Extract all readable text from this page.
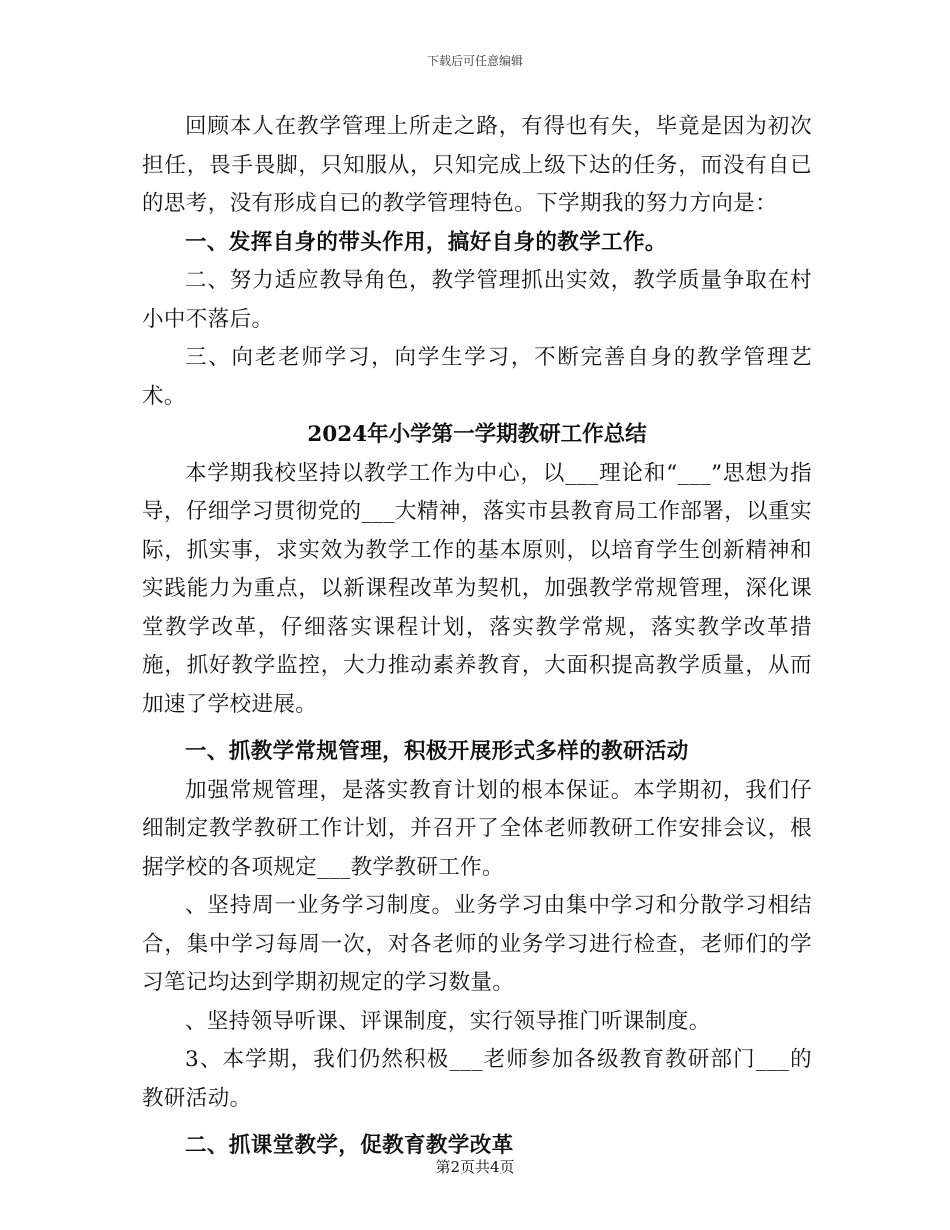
下载后可任意编辑

回顾本人在教学管理上所走之路，有得也有失，毕竟是因为初次担任，畏手畏脚，只知服从，只知完成上级下达的任务，而没有自已的思考，没有形成自已的教学管理特色。下学期我的努力方向是：

一、发挥自身的带头作用，搞好自身的教学工作。

二、努力适应教导角色，教学管理抓出实效，教学质量争取在村小中不落后。

三、向老老师学习，向学生学习，不断完善自身的教学管理艺术。

2024年小学第一学期教研工作总结

本学期我校坚持以教学工作为中心，以___理论和“___”思想为指导，仔细学习贯彻党的___大精神，落实市县教育局工作部署，以重实际，抓实事，求实效为教学工作的基本原则，以培育学生创新精神和实践能力为重点，以新课程改革为契机，加强教学常规管理，深化课堂教学改革，仔细落实课程计划，落实教学常规，落实教学改革措施，抓好教学监控，大力推动素养教育，大面积提高教学质量，从而加速了学校进展。

一、抓教学常规管理，积极开展形式多样的教研活动

加强常规管理，是落实教育计划的根本保证。本学期初，我们仔细制定教学教研工作计划，并召开了全体老师教研工作安排会议，根据学校的各项规定___教学教研工作。

、坚持周一业务学习制度。业务学习由集中学习和分散学习相结合，集中学习每周一次，对各老师的业务学习进行检查，老师们的学习笔记均达到学期初规定的学习数量。

、坚持领导听课、评课制度，实行领导推门听课制度。

3、本学期，我们仍然积极___老师参加各级教育教研部门___的教研活动。

二、抓课堂教学，促教育教学改革

第2页共4页
